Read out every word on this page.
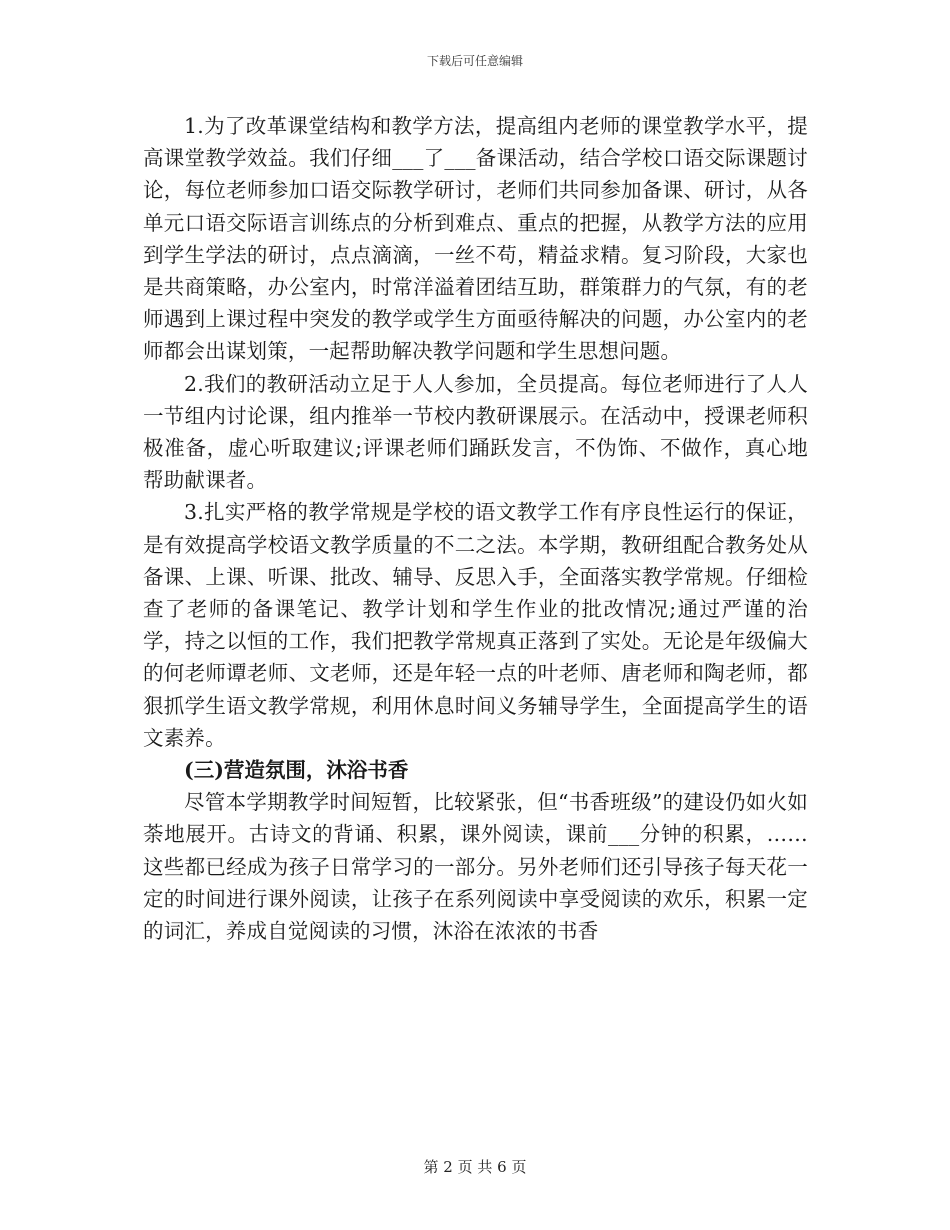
下载后可任意编辑

1.为了改革课堂结构和教学方法，提高组内老师的课堂教学水平，提高课堂教学效益。我们仔细___了___备课活动，结合学校口语交际课题讨论，每位老师参加口语交际教学研讨，老师们共同参加备课、研讨，从各单元口语交际语言训练点的分析到难点、重点的把握，从教学方法的应用到学生学法的研讨，点点滴滴，一丝不苟，精益求精。复习阶段，大家也是共商策略，办公室内，时常洋溢着团结互助，群策群力的气氛，有的老师遇到上课过程中突发的教学或学生方面亟待解决的问题，办公室内的老师都会出谋划策，一起帮助解决教学问题和学生思想问题。

2.我们的教研活动立足于人人参加，全员提高。每位老师进行了人人一节组内讨论课，组内推举一节校内教研课展示。在活动中，授课老师积极准备，虚心听取建议;评课老师们踊跃发言，不伪饰、不做作，真心地帮助献课者。

3.扎实严格的教学常规是学校的语文教学工作有序良性运行的保证，是有效提高学校语文教学质量的不二之法。本学期，教研组配合教务处从备课、上课、听课、批改、辅导、反思入手，全面落实教学常规。仔细检查了老师的备课笔记、教学计划和学生作业的批改情况;通过严谨的治学，持之以恒的工作，我们把教学常规真正落到了实处。无论是年级偏大的何老师谭老师、文老师，还是年轻一点的叶老师、唐老师和陶老师，都狠抓学生语文教学常规，利用休息时间义务辅导学生，全面提高学生的语文素养。

(三)营造氛围，沐浴书香

尽管本学期教学时间短暂，比较紧张，但“书香班级”的建设仍如火如荼地展开。古诗文的背诵、积累，课外阅读，课前___分钟的积累，……这些都已经成为孩子日常学习的一部分。另外老师们还引导孩子每天花一定的时间进行课外阅读，让孩子在系列阅读中享受阅读的欢乐，积累一定的词汇，养成自觉阅读的习惯，沐浴在浓浓的书香

第 2 页 共 6 页
